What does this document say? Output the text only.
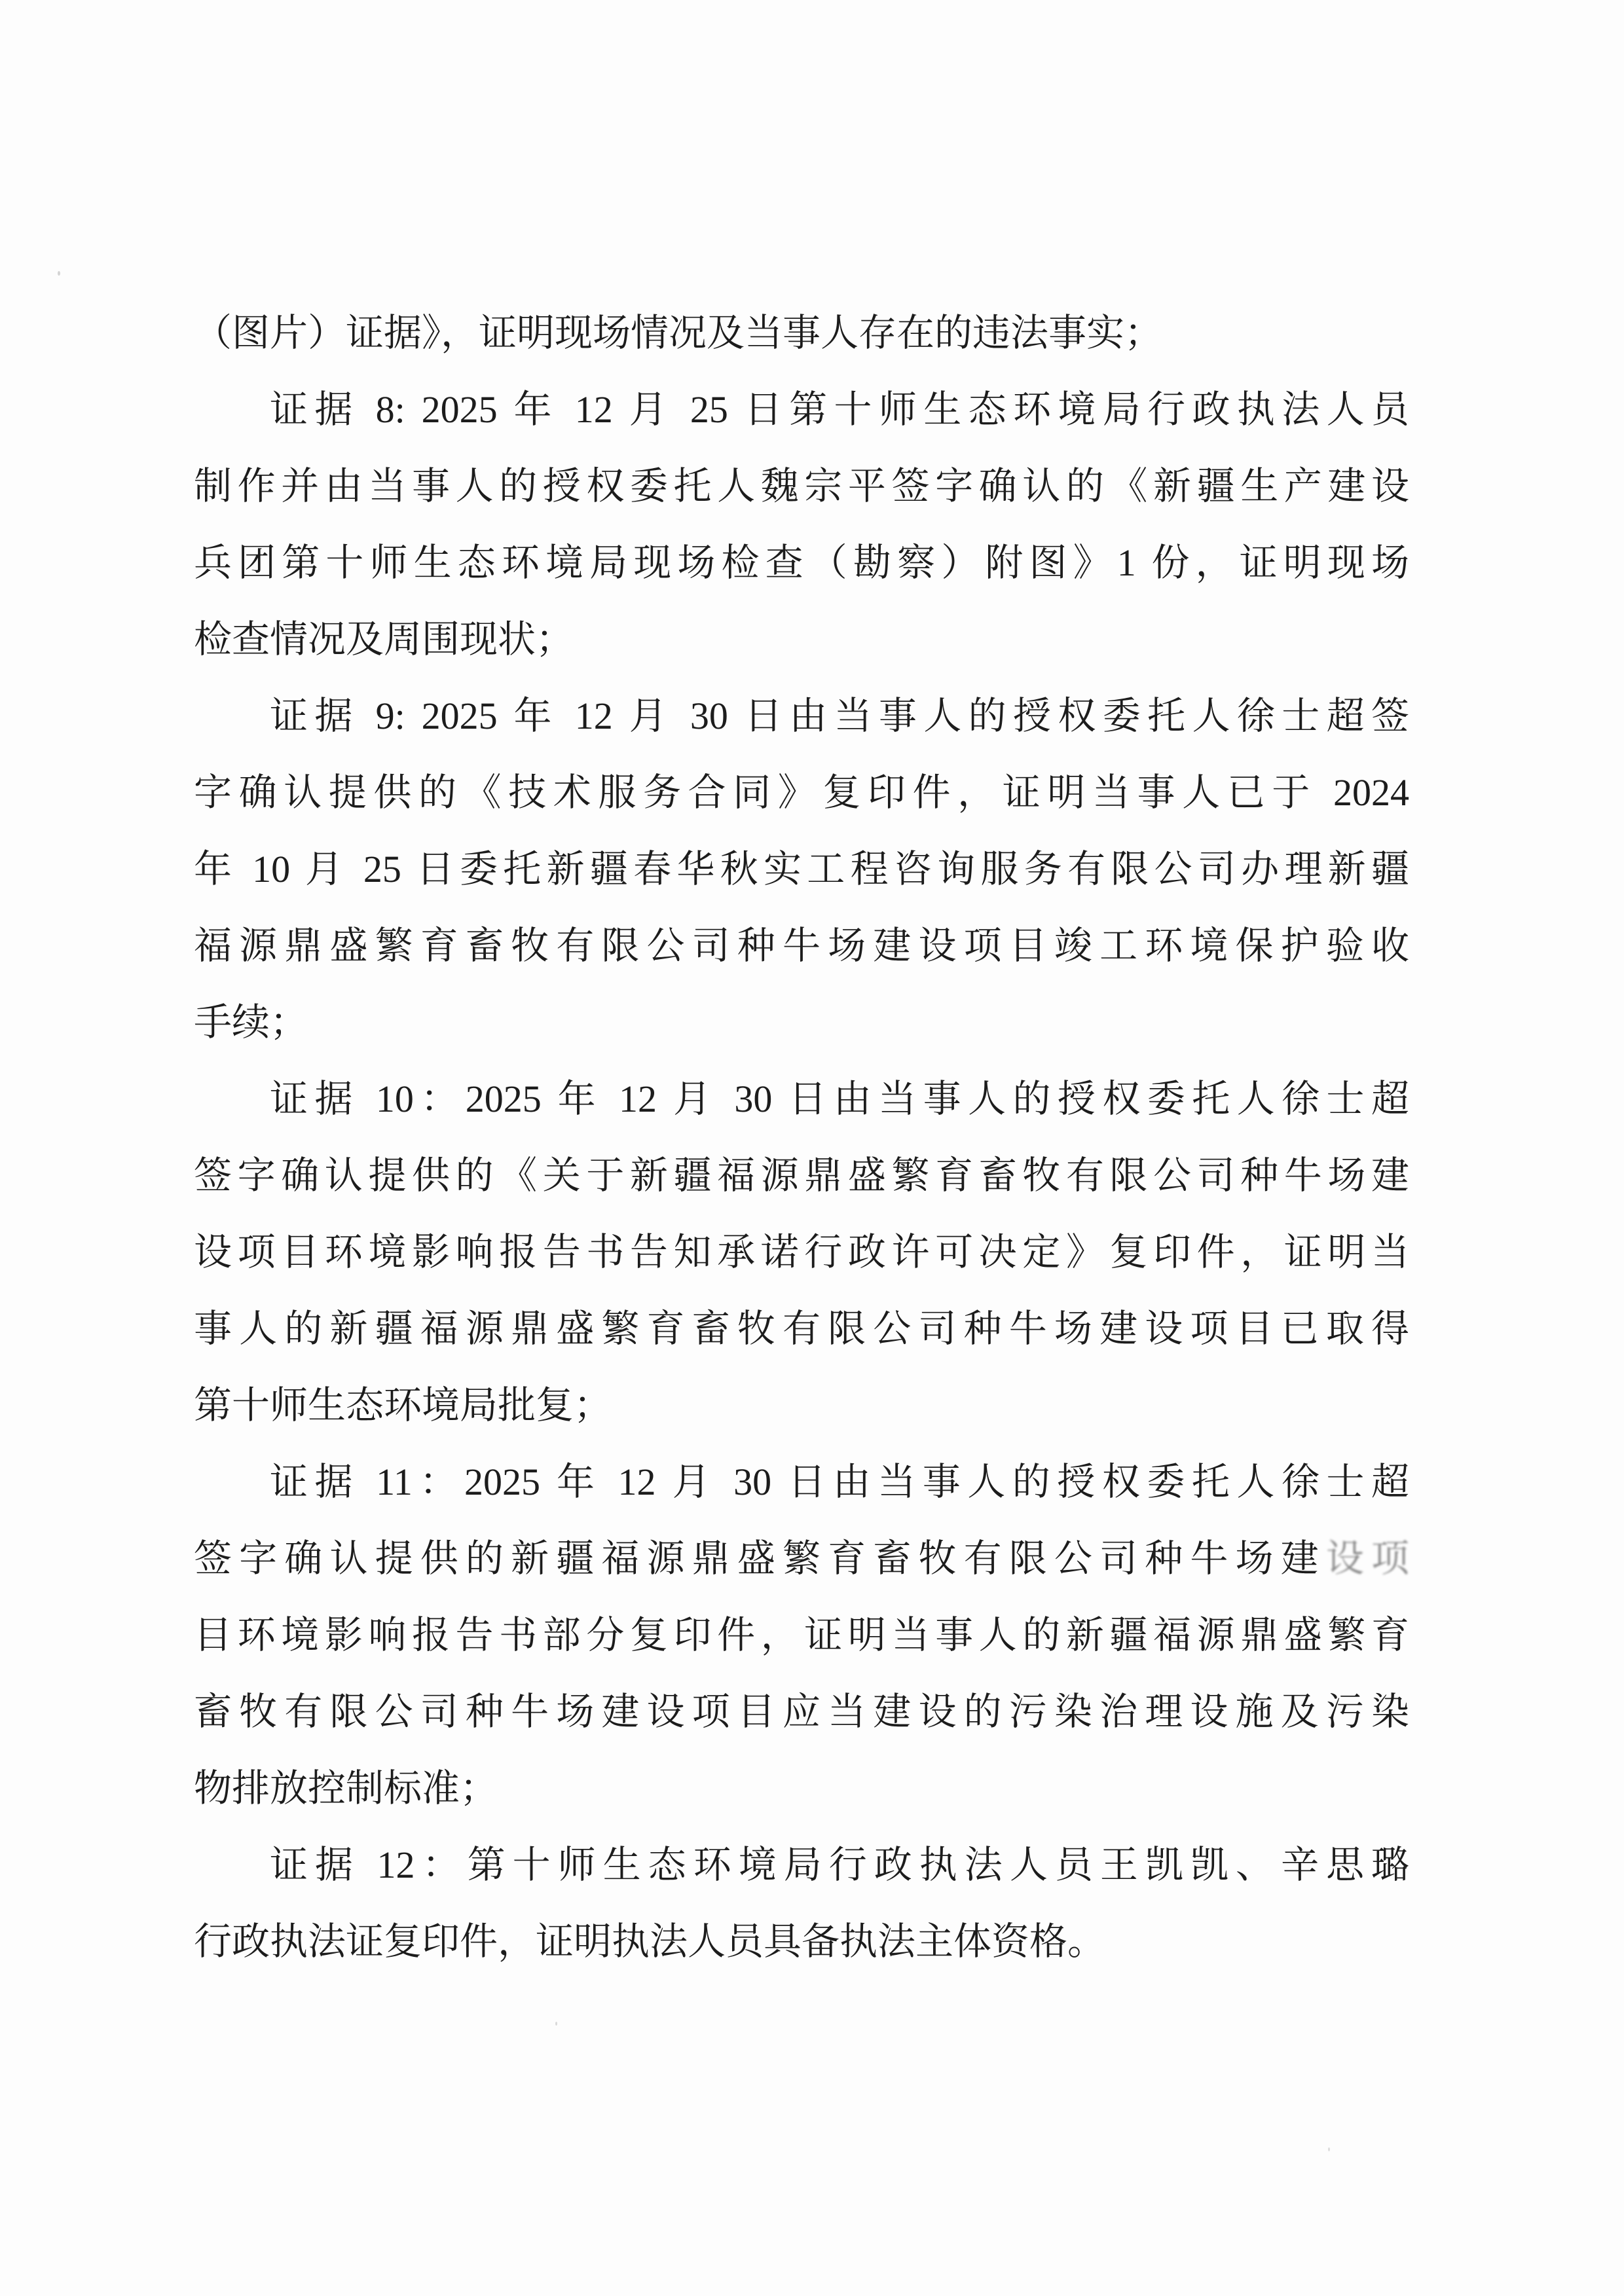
（图片）证据》，证明现场情况及当事人存在的违法事实；
证据 8: 2025 年 12 月 25 日第十师生态环境局行政执法人员
制作并由当事人的授权委托人魏宗平签字确认的《新疆生产建设
兵团第十师生态环境局现场检查（勘察）附图》1 份，证明现场
检查情况及周围现状；
证据 9: 2025 年 12 月 30 日由当事人的授权委托人徐士超签
字确认提供的《技术服务合同》复印件，证明当事人已于 2024
年 10 月 25 日委托新疆春华秋实工程咨询服务有限公司办理新疆
福源鼎盛繁育畜牧有限公司种牛场建设项目竣工环境保护验收
手续；
证据 10：2025 年 12 月 30 日由当事人的授权委托人徐士超
签字确认提供的《关于新疆福源鼎盛繁育畜牧有限公司种牛场建
设项目环境影响报告书告知承诺行政许可决定》复印件，证明当
事人的新疆福源鼎盛繁育畜牧有限公司种牛场建设项目已取得
第十师生态环境局批复；
证据 11：2025 年 12 月 30 日由当事人的授权委托人徐士超
签字确认提供的新疆福源鼎盛繁育畜牧有限公司种牛场建设项
目环境影响报告书部分复印件，证明当事人的新疆福源鼎盛繁育
畜牧有限公司种牛场建设项目应当建设的污染治理设施及污染
物排放控制标准；
证据 12：第十师生态环境局行政执法人员王凯凯、辛思璐
行政执法证复印件，证明执法人员具备执法主体资格。
